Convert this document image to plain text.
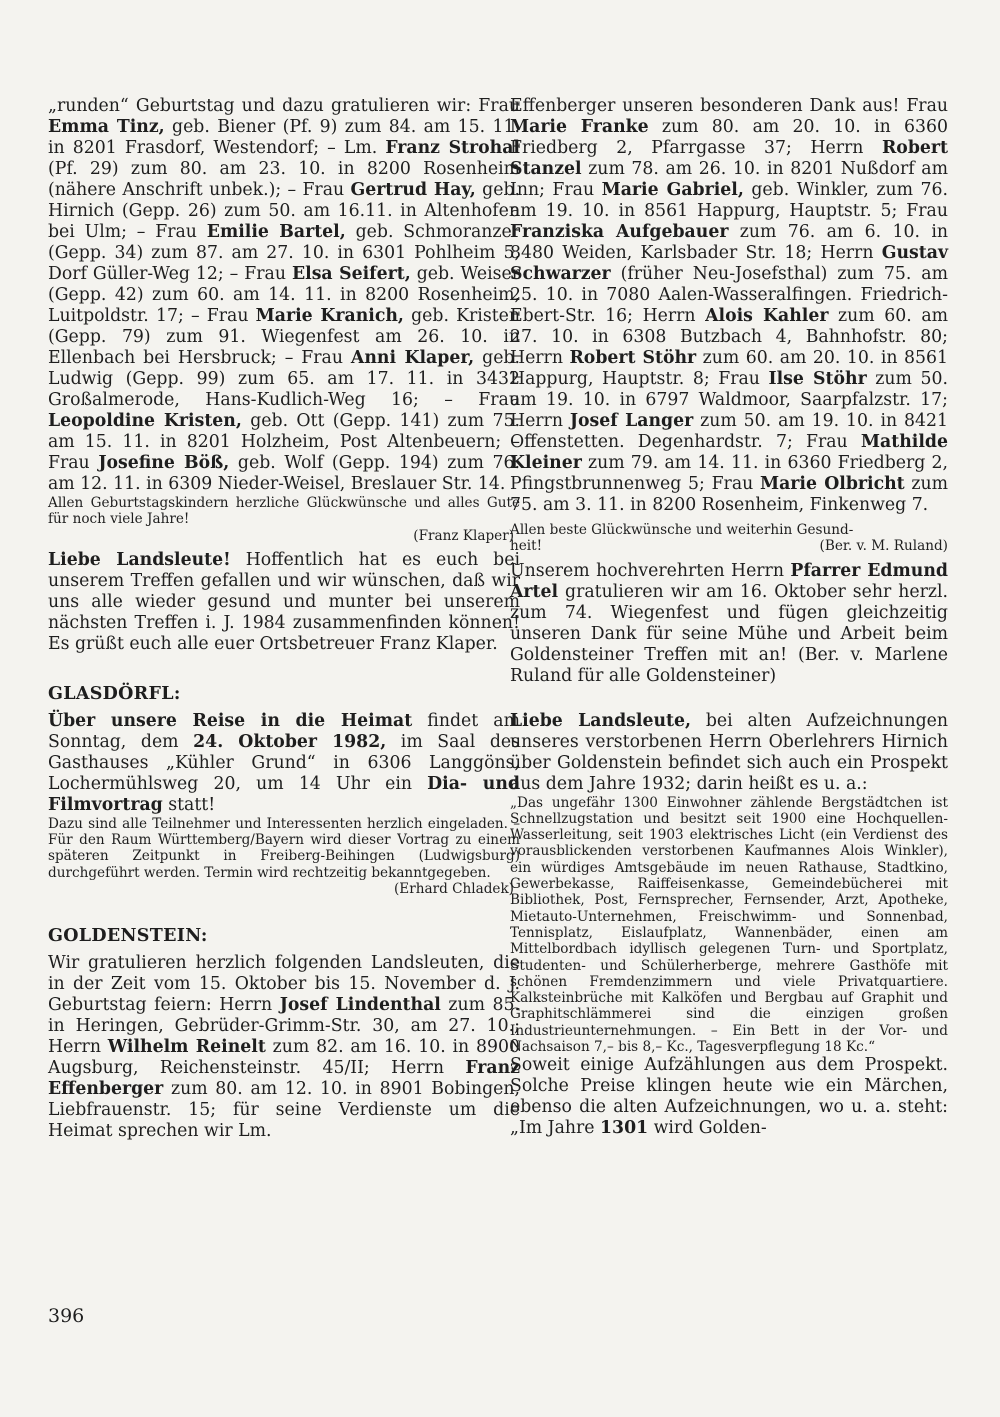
„runden“ Geburtstag und dazu gratulieren wir: Frau Emma Tinz, geb. Biener (Pf. 9) zum 84. am 15. 11. in 8201 Frasdorf, Westendorf; – Lm. Franz Strohal (Pf. 29) zum 80. am 23. 10. in 8200 Rosenheim (nähere Anschrift unbek.); – Frau Gertrud Hay, geb. Hirnich (Gepp. 26) zum 50. am 16.11. in Altenhofen bei Ulm; – Frau Emilie Bartel, geb. Schmoranzer (Gepp. 34) zum 87. am 27. 10. in 6301 Pohlheim 5, Dorf Güller-Weg 12; – Frau Elsa Seifert, geb. Weiser (Gepp. 42) zum 60. am 14. 11. in 8200 Rosenheim, Luitpoldstr. 17; – Frau Marie Kranich, geb. Kristen (Gepp. 79) zum 91. Wiegenfest am 26. 10. in Ellenbach bei Hersbruck; – Frau Anni Klaper, geb. Ludwig (Gepp. 99) zum 65. am 17. 11. in 3432 Großalmerode, Hans-Kudlich-Weg 16; – Frau Leopoldine Kristen, geb. Ott (Gepp. 141) zum 75. am 15. 11. in 8201 Holzheim, Post Altenbeuern; – Frau Josefine Böß, geb. Wolf (Gepp. 194) zum 76. am 12. 11. in 6309 Nieder-Weisel, Breslauer Str. 14.

Allen Geburtstagskindern herzliche Glückwünsche und alles Gute für noch viele Jahre!

(Franz Klaper)

Liebe Landsleute! Hoffentlich hat es euch bei unserem Treffen gefallen und wir wünschen, daß wir uns alle wieder gesund und munter bei unserem nächsten Treffen i. J. 1984 zusammenfinden können! Es grüßt euch alle euer Ortsbetreuer Franz Klaper.

GLASDÖRFL:

Über unsere Reise in die Heimat findet am Sonntag, dem 24. Oktober 1982, im Saal des Gasthauses „Kühler Grund“ in 6306 Langgöns, Lochermühlsweg 20, um 14 Uhr ein Dia- und Filmvortrag statt!

Dazu sind alle Teilnehmer und Interessenten herzlich eingeladen. – Für den Raum Württemberg/Bayern wird dieser Vortrag zu einem späteren Zeitpunkt in Freiberg-Beihingen (Ludwigsburg) durchgeführt werden. Termin wird rechtzeitig bekanntgegeben.

(Erhard Chladek)

GOLDENSTEIN:

Wir gratulieren herzlich folgenden Landsleuten, die in der Zeit vom 15. Oktober bis 15. November d. J. Geburtstag feiern: Herrn Josef Lindenthal zum 85. in Heringen, Gebrüder-Grimm-Str. 30, am 27. 10.; Herrn Wilhelm Reinelt zum 82. am 16. 10. in 8900 Augsburg, Reichensteinstr. 45/II; Herrn Franz Effenberger zum 80. am 12. 10. in 8901 Bobingen, Liebfrauenstr. 15; für seine Verdienste um die Heimat sprechen wir Lm.

Effenberger unseren besonderen Dank aus! Frau Marie Franke zum 80. am 20. 10. in 6360 Friedberg 2, Pfarrgasse 37; Herrn Robert Stanzel zum 78. am 26. 10. in 8201 Nußdorf am Inn; Frau Marie Gabriel, geb. Winkler, zum 76. am 19. 10. in 8561 Happurg, Hauptstr. 5; Frau Franziska Aufgebauer zum 76. am 6. 10. in 8480 Weiden, Karlsbader Str. 18; Herrn Gustav Schwarzer (früher Neu-Josefsthal) zum 75. am 25. 10. in 7080 Aalen-Wasseralfingen. Friedrich-Ebert-Str. 16; Herrn Alois Kahler zum 60. am 27. 10. in 6308 Butzbach 4, Bahnhofstr. 80; Herrn Robert Stöhr zum 60. am 20. 10. in 8561 Happurg, Hauptstr. 8; Frau Ilse Stöhr zum 50. am 19. 10. in 6797 Waldmoor, Saarpfalzstr. 17; Herrn Josef Langer zum 50. am 19. 10. in 8421 Offenstetten. Degenhardstr. 7; Frau Mathilde Kleiner zum 79. am 14. 11. in 6360 Friedberg 2, Pfingstbrunnenweg 5; Frau Marie Olbricht zum 75. am 3. 11. in 8200 Rosenheim, Finkenweg 7.

Allen beste Glückwünsche und weiterhin Gesund-

heit!	(Ber. v. M. Ruland)

Unserem hochverehrten Herrn Pfarrer Edmund Artel gratulieren wir am 16. Oktober sehr herzl. zum 74. Wiegenfest und fügen gleichzeitig unseren Dank für seine Mühe und Arbeit beim Goldensteiner Treffen mit an! (Ber. v. Marlene Ruland für alle Goldensteiner)

Liebe Landsleute, bei alten Aufzeichnungen unseres verstorbenen Herrn Oberlehrers Hirnich über Goldenstein befindet sich auch ein Prospekt aus dem Jahre 1932; darin heißt es u. a.:

„Das ungefähr 1300 Einwohner zählende Bergstädtchen ist Schnellzugstation und besitzt seit 1900 eine Hochquellen-Wasserleitung, seit 1903 elektrisches Licht (ein Verdienst des vorausblickenden verstorbenen Kaufmannes Alois Winkler), ein würdiges Amtsgebäude im neuen Rathause, Stadtkino, Gewerbekasse, Raiffeisenkasse, Gemeindebücherei mit Bibliothek, Post, Fernsprecher, Fernsender, Arzt, Apotheke, Mietauto-Unternehmen, Freischwimm- und Sonnenbad, Tennisplatz, Eislaufplatz, Wannenbäder, einen am Mittelbordbach idyllisch gelegenen Turn- und Sportplatz, Studenten- und Schülerherberge, mehrere Gasthöfe mit schönen Fremdenzimmern und viele Privatquartiere. Kalksteinbrüche mit Kalköfen und Bergbau auf Graphit und Graphitschlämmerei sind die einzigen großen Industrieunternehmungen. – Ein Bett in der Vor- und Nachsaison 7,– bis 8,– Kc., Tagesverpflegung 18 Kc.“

Soweit einige Aufzählungen aus dem Prospekt. Solche Preise klingen heute wie ein Märchen, ebenso die alten Aufzeichnungen, wo u. a. steht: „Im Jahre 1301 wird Golden-

396
